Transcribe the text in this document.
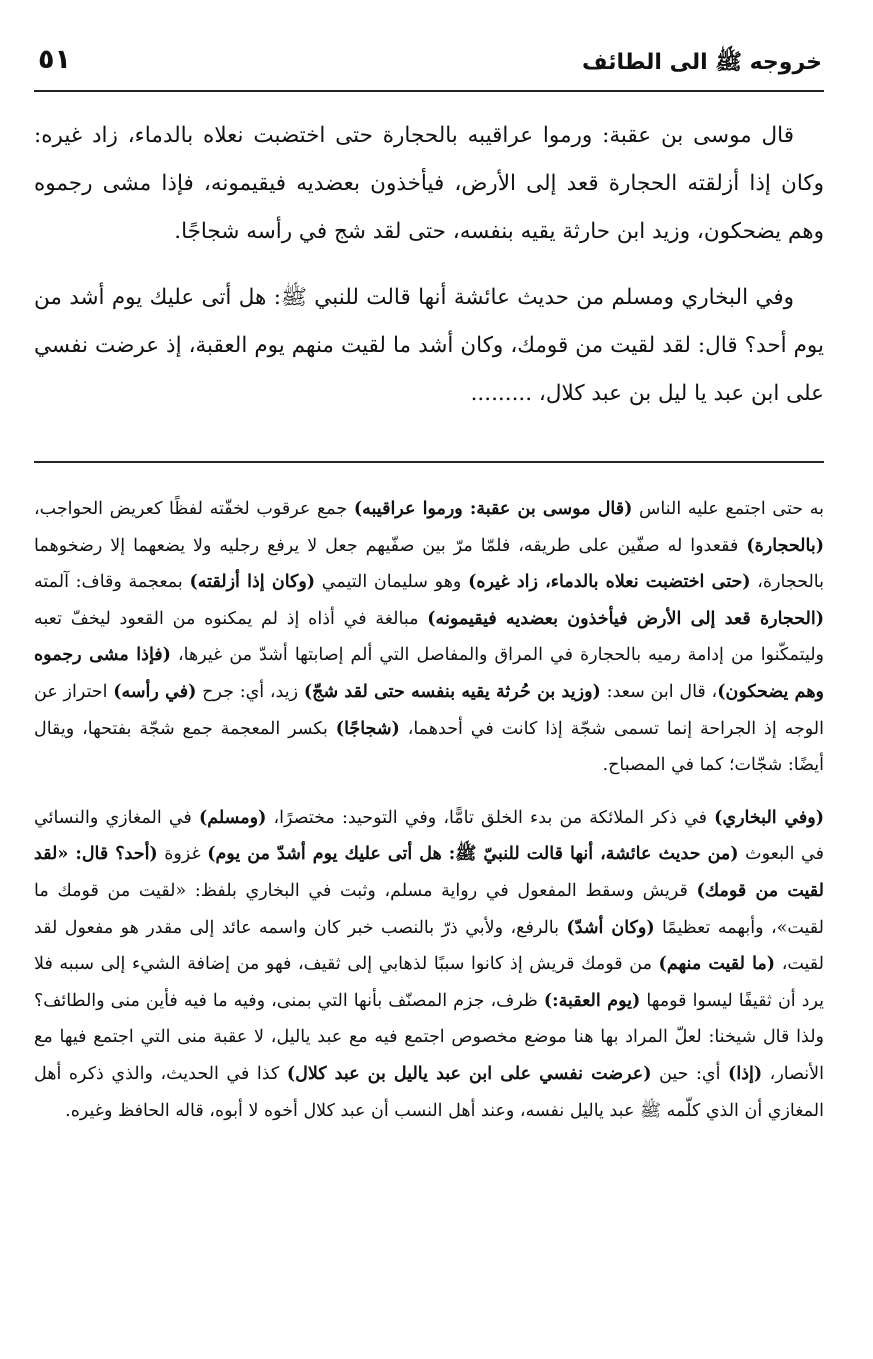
خروجه ﷺ الى الطائف
٥١

قال موسى بن عقبة: ورموا عراقيبه بالحجارة حتى اختضبت نعلاه بالدماء، زاد غيره: وكان إذا أزلقته الحجارة قعد إلى الأرض، فيأخذون بعضديه فيقيمونه، فإذا مشى رجموه وهم يضحكون، وزيد ابن حارثة يقيه بنفسه، حتى لقد شج في رأسه شجاجًا.

وفي البخاري ومسلم من حديث عائشة أنها قالت للنبي ﷺ: هل أتى عليك يوم أشد من يوم أحد؟ قال: لقد لقيت من قومك، وكان أشد ما لقيت منهم يوم العقبة، إذ عرضت نفسي على ابن عبد يا ليل بن عبد كلال، .........

به حتى اجتمع عليه الناس (قال موسى بن عقبة: ورموا عراقيبه) جمع عرقوب لخفّته لفظًا كعريض الحواجب، (بالحجارة) فقعدوا له صفّين على طريقه، فلمّا مرّ بين صفّيهم جعل لا يرفع رجليه ولا يضعهما إلا رضخوهما بالحجارة، (حتى اختضبت نعلاه بالدماء، زاد غيره) وهو سليمان التيمي (وكان إذا أزلقته) بمعجمة وقاف: آلمته (الحجارة قعد إلى الأرض فيأخذون بعضديه فيقيمونه) مبالغة في أذاه إذ لم يمكنوه من القعود ليخفّ تعبه وليتمكّنوا من إدامة رميه بالحجارة في المراق والمفاصل التي ألم إصابتها أشدّ من غيرها، (فإذا مشى رجموه وهم يضحكون)، قال ابن سعد: (وزيد بن حُرثة يقيه بنفسه حتى لقد شجّ) زيد، أي: جرح (في رأسه) احتراز عن الوجه إذ الجراحة إنما تسمى شجّة إذا كانت في أحدهما، (شجاجًا) بكسر المعجمة جمع شجّة بفتحها، ويقال أيضًا: شجّات؛ كما في المصباح.

(وفي البخاري) في ذكر الملائكة من بدء الخلق تامًّا، وفي التوحيد: مختصرًا، (ومسلم) في المغازي والنسائي في البعوث (من حديث عائشة، أنها قالت للنبيّ ﷺ: هل أتى عليك يوم أشدّ من يوم) غزوة (أحد؟ قال: «لقد لقيت من قومك) قريش وسقط المفعول في رواية مسلم، وثبت في البخاري بلفظ: «لقيت من قومك ما لقيت»، وأبهمه تعظيمًا (وكان أشدّ) بالرفع، ولأبي ذرّ بالنصب خبر كان واسمه عائد إلى مقدر هو مفعول لقد لقيت، (ما لقيت منهم) من قومك قريش إذ كانوا سببًا لذهابي إلى ثقيف، فهو من إضافة الشيء إلى سببه فلا يرد أن ثقيفًا ليسوا قومها (يوم العقبة:) ظرف، جزم المصنّف بأنها التي بمنى، وفيه ما فيه فأين منى والطائف؟ ولذا قال شيخنا: لعلّ المراد بها هنا موضع مخصوص اجتمع فيه مع عبد ياليل، لا عقبة منى التي اجتمع فيها مع الأنصار، (إذا) أي: حين (عرضت نفسي على ابن عبد ياليل بن عبد كلال) كذا في الحديث، والذي ذكره أهل المغازي أن الذي كلّمه ﷺ عبد ياليل نفسه، وعند أهل النسب أن عبد كلال أخوه لا أبوه، قاله الحافظ وغيره.
